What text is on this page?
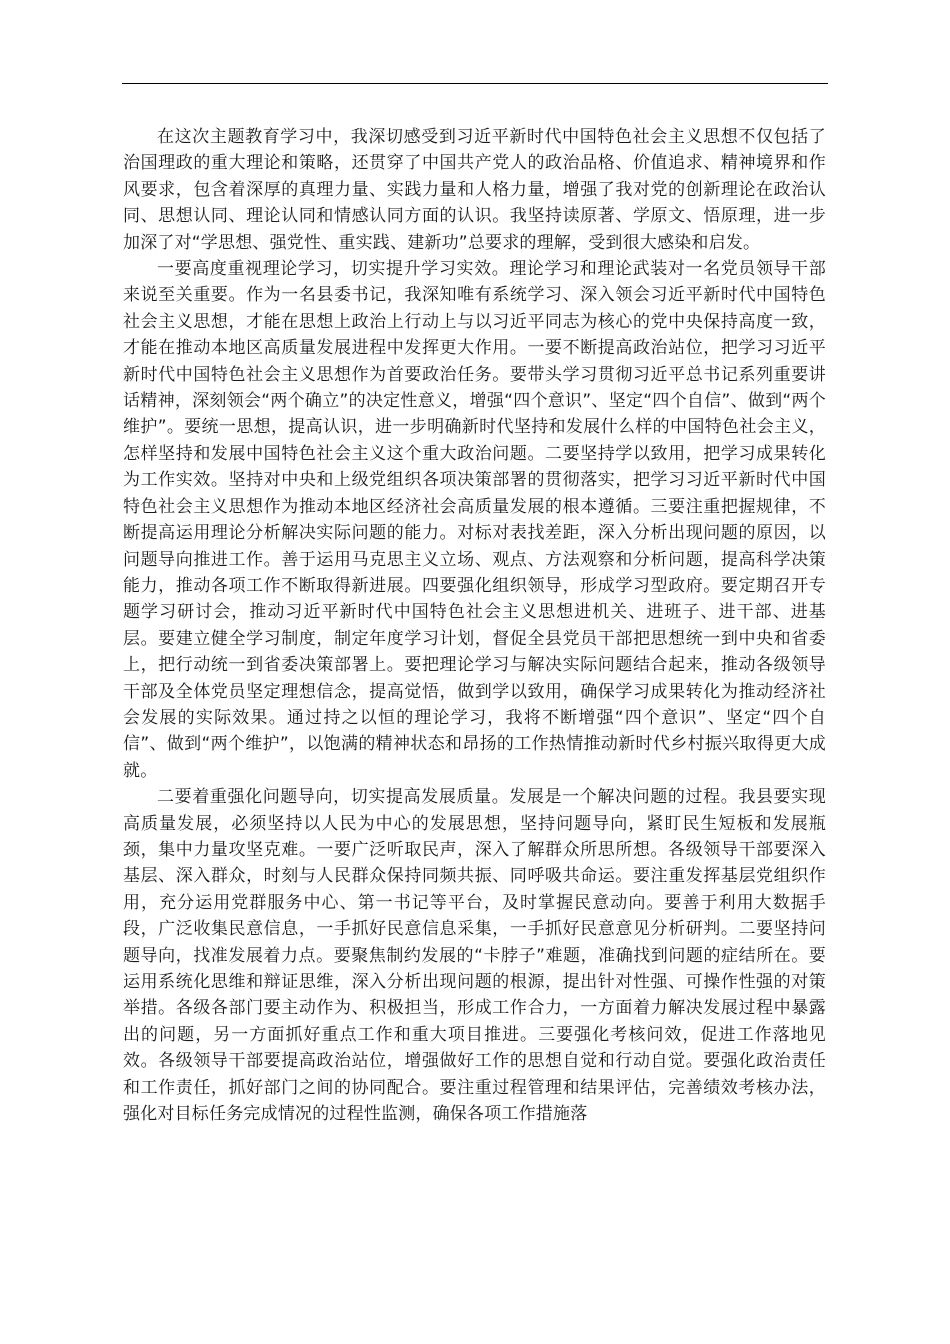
在这次主题教育学习中，我深切感受到习近平新时代中国特色社会主义思想不仅包括了治国理政的重大理论和策略，还贯穿了中国共产党人的政治品格、价值追求、精神境界和作风要求，包含着深厚的真理力量、实践力量和人格力量，增强了我对党的创新理论在政治认同、思想认同、理论认同和情感认同方面的认识。我坚持读原著、学原文、悟原理，进一步加深了对“学思想、强党性、重实践、建新功”总要求的理解，受到很大感染和启发。

一要高度重视理论学习，切实提升学习实效。理论学习和理论武装对一名党员领导干部来说至关重要。作为一名县委书记，我深知唯有系统学习、深入领会习近平新时代中国特色社会主义思想，才能在思想上政治上行动上与以习近平同志为核心的党中央保持高度一致，才能在推动本地区高质量发展进程中发挥更大作用。一要不断提高政治站位，把学习习近平新时代中国特色社会主义思想作为首要政治任务。要带头学习贯彻习近平总书记系列重要讲话精神，深刻领会“两个确立”的决定性意义，增强“四个意识”、坚定“四个自信”、做到“两个维护”。要统一思想，提高认识，进一步明确新时代坚持和发展什么样的中国特色社会主义，怎样坚持和发展中国特色社会主义这个重大政治问题。二要坚持学以致用，把学习成果转化为工作实效。坚持对中央和上级党组织各项决策部署的贯彻落实，把学习习近平新时代中国特色社会主义思想作为推动本地区经济社会高质量发展的根本遵循。三要注重把握规律，不断提高运用理论分析解决实际问题的能力。对标对表找差距，深入分析出现问题的原因，以问题导向推进工作。善于运用马克思主义立场、观点、方法观察和分析问题，提高科学决策能力，推动各项工作不断取得新进展。四要强化组织领导，形成学习型政府。要定期召开专题学习研讨会，推动习近平新时代中国特色社会主义思想进机关、进班子、进干部、进基层。要建立健全学习制度，制定年度学习计划，督促全县党员干部把思想统一到中央和省委上，把行动统一到省委决策部署上。要把理论学习与解决实际问题结合起来，推动各级领导干部及全体党员坚定理想信念，提高觉悟，做到学以致用，确保学习成果转化为推动经济社会发展的实际效果。通过持之以恒的理论学习，我将不断增强“四个意识”、坚定“四个自信”、做到“两个维护”，以饱满的精神状态和昂扬的工作热情推动新时代乡村振兴取得更大成就。

二要着重强化问题导向，切实提高发展质量。发展是一个解决问题的过程。我县要实现高质量发展，必须坚持以人民为中心的发展思想，坚持问题导向，紧盯民生短板和发展瓶颈，集中力量攻坚克难。一要广泛听取民声，深入了解群众所思所想。各级领导干部要深入基层、深入群众，时刻与人民群众保持同频共振、同呼吸共命运。要注重发挥基层党组织作用，充分运用党群服务中心、第一书记等平台，及时掌握民意动向。要善于利用大数据手段，广泛收集民意信息，一手抓好民意信息采集，一手抓好民意意见分析研判。二要坚持问题导向，找准发展着力点。要聚焦制约发展的“卡脖子”难题，准确找到问题的症结所在。要运用系统化思维和辩证思维，深入分析出现问题的根源，提出针对性强、可操作性强的对策举措。各级各部门要主动作为、积极担当，形成工作合力，一方面着力解决发展过程中暴露出的问题，另一方面抓好重点工作和重大项目推进。三要强化考核问效，促进工作落地见效。各级领导干部要提高政治站位，增强做好工作的思想自觉和行动自觉。要强化政治责任和工作责任，抓好部门之间的协同配合。要注重过程管理和结果评估，完善绩效考核办法，强化对目标任务完成情况的过程性监测，确保各项工作措施落
